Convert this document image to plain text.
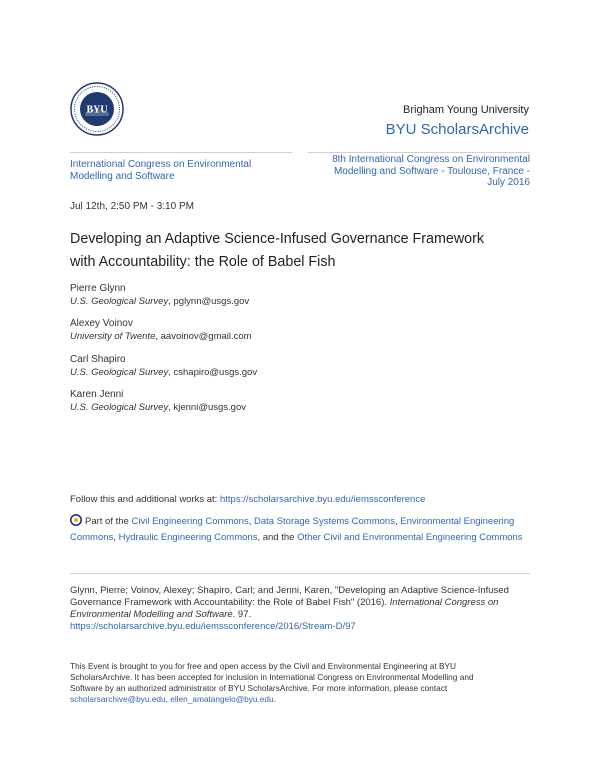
BYU	Brigham Young University
BYU ScholarsArchive
International Congress on Environmental
Modelling and Software
8th International Congress on Environmental
Modelling and Software - Toulouse, France -
July 2016
Jul 12th, 2:50 PM - 3:10 PM
Developing an Adaptive Science-Infused Governance Framework
with Accountability: the Role of Babel Fish
Pierre Glynn
U.S. Geological Survey, pglynn@usgs.gov
Alexey Voinov
University of Twente, aavoinov@gmail.com
Carl Shapiro
U.S. Geological Survey, cshapiro@usgs.gov
Karen Jenni
U.S. Geological Survey, kjenni@usgs.gov
Follow this and additional works at: https://scholarsarchive.byu.edu/iemssconference
Part of the Civil Engineering Commons, Data Storage Systems Commons, Environmental Engineering Commons, Hydraulic Engineering Commons, and the Other Civil and Environmental Engineering Commons
Glynn, Pierre; Voinov, Alexey; Shapiro, Carl; and Jenni, Karen, "Developing an Adaptive Science-Infused Governance Framework with Accountability: the Role of Babel Fish" (2016). International Congress on Environmental Modelling and Software. 97.
https://scholarsarchive.byu.edu/iemssconference/2016/Stream-D/97
This Event is brought to you for free and open access by the Civil and Environmental Engineering at BYU
ScholarsArchive. It has been accepted for inclusion in International Congress on Environmental Modelling and
Software by an authorized administrator of BYU ScholarsArchive. For more information, please contact
scholarsarchive@byu.edu, ellen_amatangelo@byu.edu.
